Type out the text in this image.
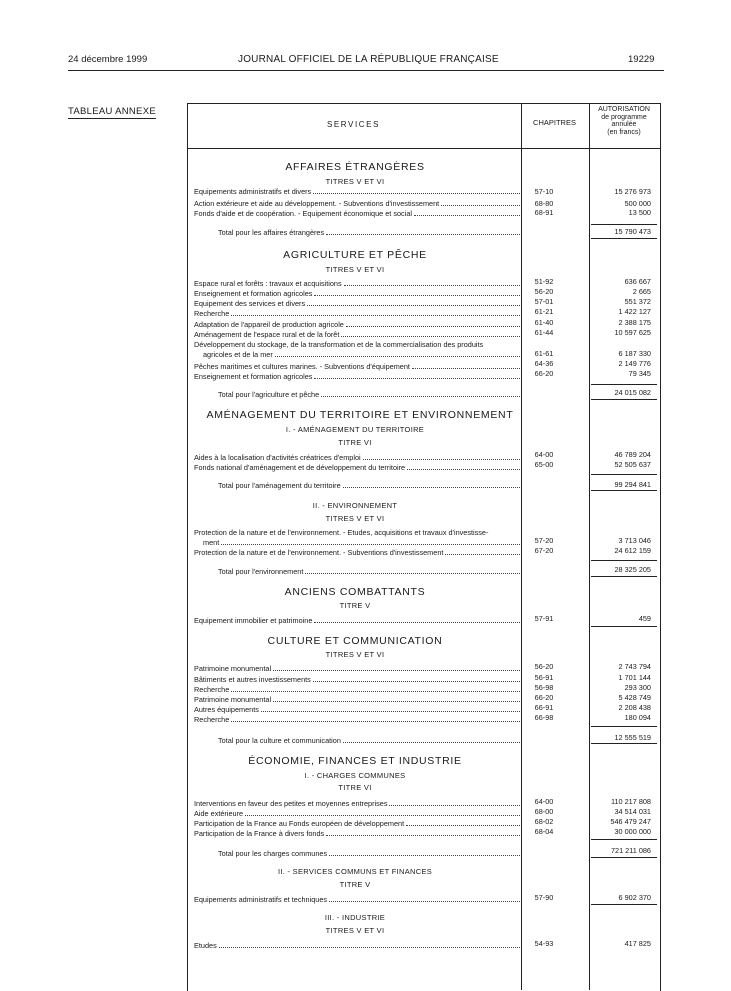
24 décembre 1999	JOURNAL OFFICIEL DE LA RÉPUBLIQUE FRANÇAISE	19229
TABLEAU ANNEXE
SERVICES	CHAPITRES
AUTORISATION
de programme
annulée
(en francs)
AFFAIRES ÉTRANGÈRES
TITRES V ET VI
Equipements administratifs et divers	57-10	15 276 973
Action extérieure et aide au développement. - Subventions d'investissement	68-80	500 000
Fonds d'aide et de coopération. - Equipement économique et social	68-91	13 500
Total pour les affaires étrangères	15 790 473
AGRICULTURE ET PÊCHE
TITRES V ET VI
Espace rural et forêts : travaux et acquisitions	51-92	636 667
Enseignement et formation agricoles	56-20	2 665
Equipement des services et divers	57-01	551 372
Recherche	61-21	1 422 127
Adaptation de l'appareil de production agricole	61-40	2 388 175
Aménagement de l'espace rural et de la forêt	61-44	10 597 625
Développement du stockage, de la transformation et de la commercialisation des produits
agricoles et de la mer	61-61	6 187 330
Pêches maritimes et cultures marines. - Subventions d'équipement	64-36	2 149 776
Enseignement et formation agricoles	66-20	79 345
Total pour l'agriculture et pêche	24 015 082
AMÉNAGEMENT DU TERRITOIRE ET ENVIRONNEMENT
I. - AMÉNAGEMENT DU TERRITOIRE
TITRE VI
Aides à la localisation d'activités créatrices d'emploi	64-00	46 789 204
Fonds national d'aménagement et de développement du territoire	65-00	52 505 637
Total pour l'aménagement du territoire	99 294 841
II. - ENVIRONNEMENT
TITRES V ET VI
Protection de la nature et de l'environnement. - Etudes, acquisitions et travaux d'investisse-
ment	57-20	3 713 046
Protection de la nature et de l'environnement. - Subventions d'investissement	67-20	24 612 159
Total pour l'environnement	28 325 205
ANCIENS COMBATTANTS
TITRE V
Equipement immobilier et patrimoine	57-91	459
CULTURE ET COMMUNICATION
TITRES V ET VI
Patrimoine monumental	56-20	2 743 794
Bâtiments et autres investissements	56-91	1 701 144
Recherche	56-98	293 300
Patrimoine monumental	66-20	5 428 749
Autres équipements	66-91	2 208 438
Recherche	66-98	180 094
Total pour la culture et communication	12 555 519
ÉCONOMIE, FINANCES ET INDUSTRIE
I. - CHARGES COMMUNES
TITRE VI
Interventions en faveur des petites et moyennes entreprises	64-00	110 217 808
Aide extérieure	68-00	34 514 031
Participation de la France au Fonds européen de développement	68-02	546 479 247
Participation de la France à divers fonds	68-04	30 000 000
Total pour les charges communes	721 211 086
II. - SERVICES COMMUNS ET FINANCES
TITRE V
Equipements administratifs et techniques	57-90	6 902 370
III. - INDUSTRIE
TITRES V ET VI
Etudes	54-93	417 825
